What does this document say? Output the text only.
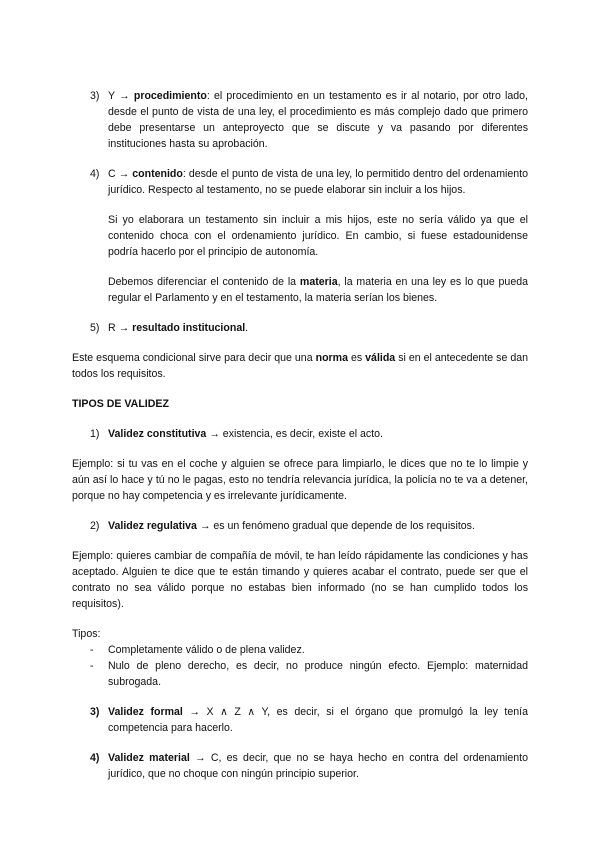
3) Y → procedimiento: el procedimiento en un testamento es ir al notario, por otro lado, desde el punto de vista de una ley, el procedimiento es más complejo dado que primero debe presentarse un anteproyecto que se discute y va pasando por diferentes instituciones hasta su aprobación.
4) C → contenido: desde el punto de vista de una ley, lo permitido dentro del ordenamiento jurídico. Respecto al testamento, no se puede elaborar sin incluir a los hijos.
Si yo elaborara un testamento sin incluir a mis hijos, este no sería válido ya que el contenido choca con el ordenamiento jurídico. En cambio, si fuese estadounidense podría hacerlo por el principio de autonomía.
Debemos diferenciar el contenido de la materia, la materia en una ley es lo que pueda regular el Parlamento y en el testamento, la materia serían los bienes.
5) R → resultado institucional.

Este esquema condicional sirve para decir que una norma es válida si en el antecedente se dan todos los requisitos.

TIPOS DE VALIDEZ
1) Validez constitutiva → existencia, es decir, existe el acto.

Ejemplo: si tu vas en el coche y alguien se ofrece para limpiarlo, le dices que no te lo limpie y aún así lo hace y tú no le pagas, esto no tendría relevancia jurídica, la policía no te va a detener, porque no hay competencia y es irrelevante jurídicamente.

2) Validez regulativa → es un fenómeno gradual que depende de los requisitos.

Ejemplo: quieres cambiar de compañía de móvil, te han leído rápidamente las condiciones y has aceptado. Alguien te dice que te están timando y quieres acabar el contrato, puede ser que el contrato no sea válido porque no estabas bien informado (no se han cumplido todos los requisitos).

Tipos:
- Completamente válido o de plena validez.
- Nulo de pleno derecho, es decir, no produce ningún efecto. Ejemplo: maternidad subrogada.
3) Validez formal → X ∧ Z ∧ Y, es decir, si el órgano que promulgó la ley tenía competencia para hacerlo.
4) Validez material → C, es decir, que no se haya hecho en contra del ordenamiento jurídico, que no choque con ningún principio superior.
